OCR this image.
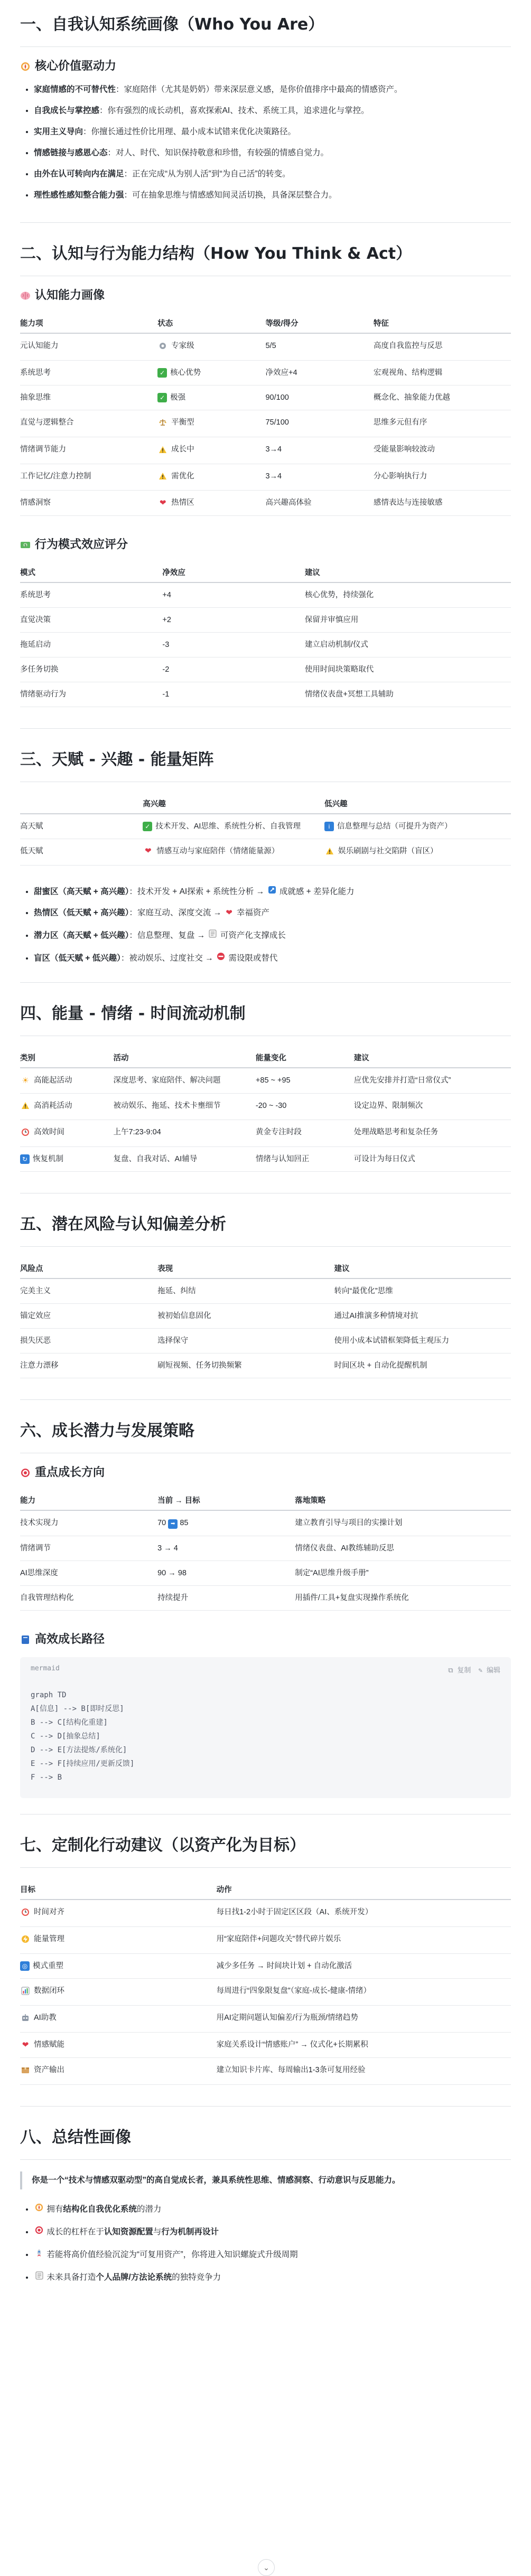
一、自我认知系统画像（Who You Are）
核心价值驱动力
• 家庭情感的不可替代性：家庭陪伴（尤其是奶奶）带来深层意义感，是你价值排序中最高的情感资产。
• 自我成长与掌控感：你有强烈的成长动机，喜欢探索AI、技术、系统工具，追求进化与掌控。
• 实用主义导向：你擅长通过性价比用理、最小成本试错来优化决策路径。
• 情感链接与感恩心态：对人、时代、知识保持敬意和珍惜，有较强的情感自觉力。
• 由外在认可转向内在满足：正在完成“从为别人活”到“为自己活”的转变。
• 理性感性感知整合能力强：可在抽象思维与情感感知间灵活切换，具备深层整合力。
二、认知与行为能力结构（How You Think & Act）
认知能力画像
能力项	状态	等级/得分	特征
元认知能力	专家级	5/5	高度自我监控与反思
系统思考	✓ 核心优势	净效应+4	宏观视角、结构逻辑
抽象思维	✓ 极强	90/100	概念化、抽象能力优越
直觉与逻辑整合	平衡型	75/100	思维多元但有序
情绪调节能力	成长中	3→4	受能量影响较波动
工作记忆/注意力控制	需优化	3→4	分心影响执行力
情感洞察	❤ 热情区	高兴趣高体验	感情表达与连接敏感
$ 行为模式效应评分
模式	净效应	建议
系统思考	+4	核心优势，持续强化
直觉决策	+2	保留并审慎应用
拖延启动	-3	建立启动机制/仪式
多任务切换	-2	使用时间块策略取代
情绪驱动行为	-1	情绪仪表盘+冥想工具辅助
三、天赋 - 兴趣 - 能量矩阵
	高兴趣	低兴趣
高天赋	✓ 技术开发、AI思维、系统性分析、自我管理	i 信息整理与总结（可提升为资产）

低天赋	❤ 情感互动与家庭陪伴（情绪能量源）	娱乐刷剧与社交陷阱（盲区）
• 甜蜜区（高天赋 + 高兴趣）：技术开发 + AI探索 + 系统性分析 →
成就感 + 差异化能力
• 热情区（低天赋 + 高兴趣）：家庭互动、深度交流 → ❤ 幸福资产
• 潜力区（高天赋 + 低兴趣）：信息整理、复盘 →
可资产化支撑成长
• 盲区（低天赋 + 低兴趣）：被动娱乐、过度社交 →
需设限或替代
四、能量 - 情绪 - 时间流动机制
类别	活动	能量变化	建议

☀ 高能起活动	深度思考、家庭陪伴、解决问题	+85 ~ +95	应优先安排并打造“日常仪式”

高消耗活动	被动娱乐、拖延、技术卡壅细节	-20 ~ -30	设定边界、限制频次

高效时间	上午7:23-9:04	黄金专注时段	处理战略思考和复杂任务

↻ 恢复机制	复盘、自我对话、AI辅导	情绪与认知回正	可设计为每日仪式
五、潜在风险与认知偏差分析
风险点	表现	建议
完美主义	拖延、纠结	转向“最优化”思维
锚定效应	被初始信息固化	通过AI推演多种情境对抗
损失厌恶	选择保守	使用小成本试错框架降低主观压力
注意力漂移	刷短视频、任务切换频繁	时间区块 + 自动化提醒机制
六、成长潜力与发展策略
重点成长方向
能力	当前 → 目标	落地策略
技术实现力	70 ➡ 85	建立教育引导与项目的实操计划
情绪调节	3 → 4	情绪仪表盘、AI教练辅助反思
AI思维深度	90 → 98	制定“AI思维升级手册”
自我管理结构化	持续提升	用插件/工具+复盘实现操作系统化
高效成长路径
mermaid	⧉ 复制 ✎ 编辑
graph TD
A[信息] --> B[即时反思]
B --> C[结构化重建]
C --> D[抽象总结]
D --> E[方法提炼/系统化]
E --> F[持续应用/更新反馈]
F --> B
七、定制化行动建议（以资产化为目标）
目标	动作

时间对齐	每日找1-2小时于固定区区段（AI、系统开发）

能量管理	用“家庭陪伴+问题攻关”替代碎片娱乐

◎ 模式重塑	减少多任务 → 时间块计划 + 自动化激活

数据闭环	每周进行“四象限复盘”（家庭-成长-健康-情绪）

AI助教	用AI定期问题认知偏差/行为瓶颈/情绪趋势

❤ 情感赋能	家庭关系设计“情感账户” → 仪式化+长期累积

资产输出	建立知识卡片库、每周输出1-3条可复用经验
八、总结性画像
你是一个“技术与情感双驱动型”的高自觉成长者，兼具系统性思维、情感洞察、行动意识与反思能力。
• 拥有结构化自我优化系统的潜力
• 成长的杠杆在于认知资源配置与行为机制再设计
• 若能将高价值经验沉淀为“可复用资产”，你将进入知识螺旋式升级周期
• 未来具备打造个人品牌/方法论系统的独特竞争力
⌄
